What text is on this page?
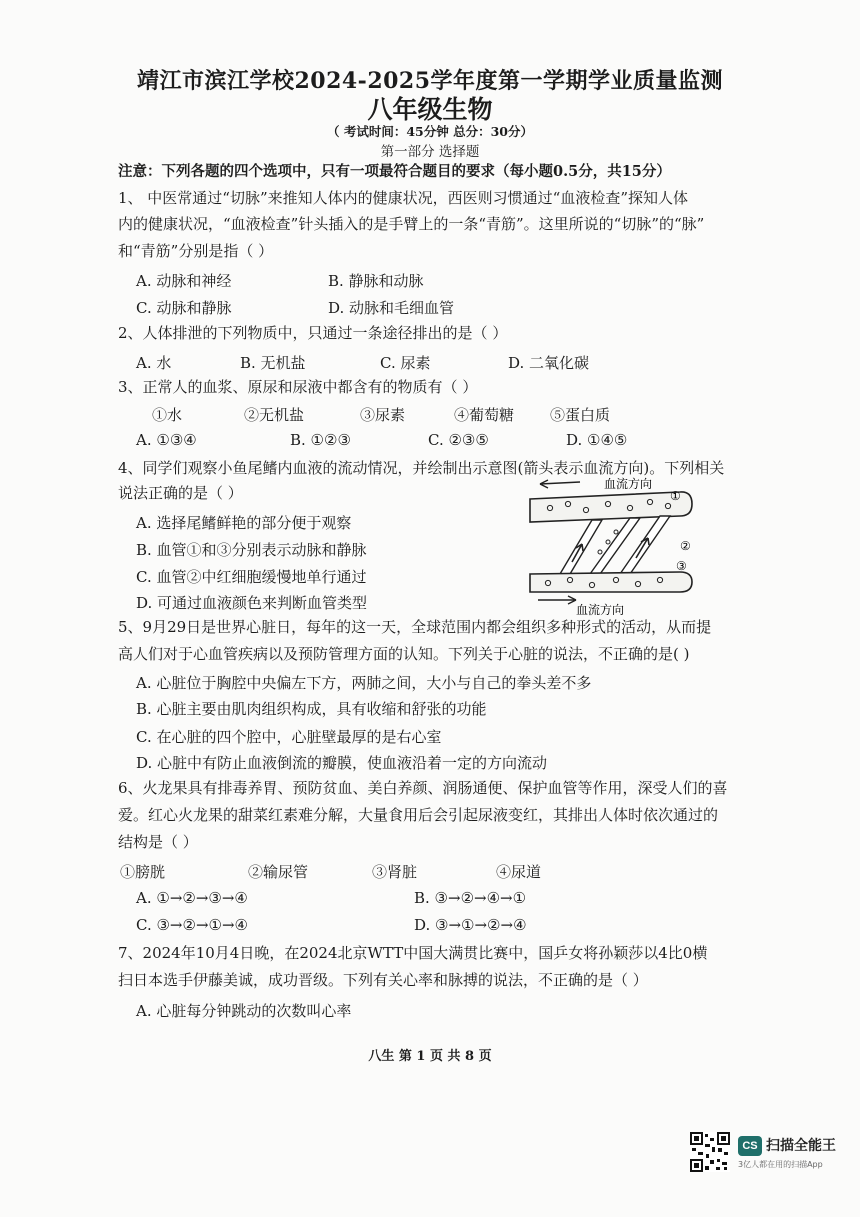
靖江市滨江学校2024-2025学年度第一学期学业质量监测
八年级生物
（ 考试时间：45分钟 总分：30分）
第一部分 选择题
注意：下列各题的四个选项中，只有一项最符合题目的要求（每小题0.5分，共15分）
1、 中医常通过“切脉”来推知人体内的健康状况，西医则习惯通过“血液检查”探知人体
内的健康状况，“血液检查”针头插入的是手臂上的一条“青筋”。这里所说的“切脉”的“脉”
和“青筋”分别是指（ ）
A. 动脉和神经	B. 静脉和动脉
C. 动脉和静脉	D. 动脉和毛细血管
2、人体排泄的下列物质中，只通过一条途径排出的是（ ）
A. 水	B. 无机盐	C. 尿素	D. 二氧化碳
3、正常人的血浆、原尿和尿液中都含有的物质有（ ）
①水	②无机盐	③尿素	④葡萄糖 ⑤蛋白质
A. ①③④	B. ①②③	C. ②③⑤	D. ①④⑤
4、同学们观察小鱼尾鳍内血液的流动情况，并绘制出示意图(箭头表示血流方向)。下列相关
说法正确的是（ ）
A. 选择尾鳍鲜艳的部分便于观察
B. 血管①和③分别表示动脉和静脉
C. 血管②中红细胞缓慢地单行通过
D. 可通过血液颜色来判断血管类型
血流方向
血流方向
①
②
③
5、9月29日是世界心脏日，每年的这一天，全球范围内都会组织多种形式的活动，从而提
高人们对于心血管疾病以及预防管理方面的认知。下列关于心脏的说法，不正确的是( )
A. 心脏位于胸腔中央偏左下方，两肺之间，大小与自己的拳头差不多
B. 心脏主要由肌肉组织构成，具有收缩和舒张的功能
C. 在心脏的四个腔中，心脏壁最厚的是右心室
D. 心脏中有防止血液倒流的瓣膜，使血液沿着一定的方向流动
6、火龙果具有排毒养胃、预防贫血、美白养颜、润肠通便、保护血管等作用，深受人们的喜
爱。红心火龙果的甜菜红素难分解，大量食用后会引起尿液变红，其排出人体时依次通过的
结构是（ ）
①膀胱	②输尿管	③肾脏	④尿道
A. ①→②→③→④	B. ③→②→④→①
C. ③→②→①→④	D. ③→①→②→④
7、2024年10月4日晚，在2024北京WTT中国大满贯比赛中，国乒女将孙颖莎以4比0横
扫日本选手伊藤美诚，成功晋级。下列有关心率和脉搏的说法，不正确的是（ ）
A. 心脏每分钟跳动的次数叫心率
八生 第 1 页 共 8 页
CS 扫描全能王
3亿人都在用的扫描App
